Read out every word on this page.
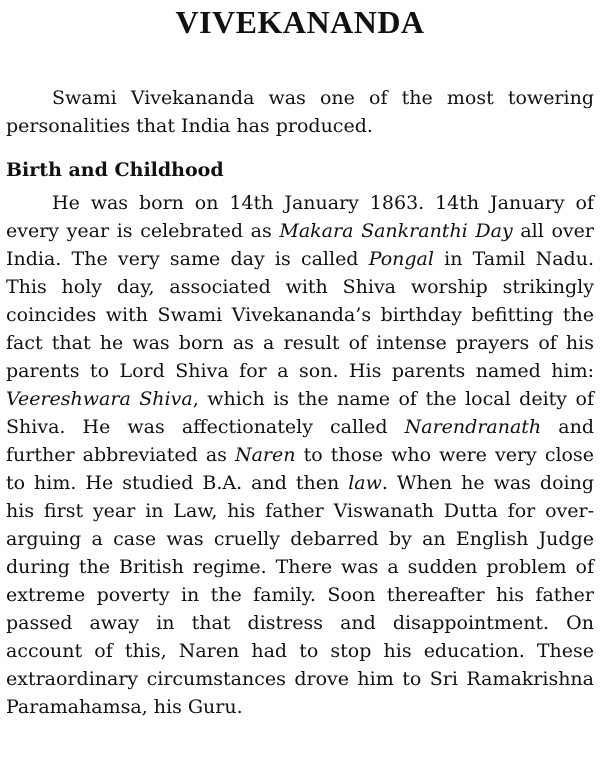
VIVEKANANDA

Swami Vivekananda was one of the most towering personalities that India has produced.

Birth and Childhood

He was born on 14th January 1863. 14th January of every year is celebrated as Makara Sankranthi Day all over India. The very same day is called Pongal in Tamil Nadu. This holy day, associated with Shiva worship strikingly coincides with Swami Vivekananda’s birthday befitting the fact that he was born as a result of intense prayers of his parents to Lord Shiva for a son. His parents named him: Veereshwara Shiva, which is the name of the local deity of Shiva. He was affectionately called Narendranath and further abbreviated as Naren to those who were very close to him. He studied B.A. and then law. When he was doing his first year in Law, his father Viswanath Dutta for over-arguing a case was cruelly debarred by an English Judge during the British regime. There was a sudden problem of extreme poverty in the family. Soon thereafter his father passed away in that distress and disappointment. On account of this, Naren had to stop his education. These extraordinary circumstances drove him to Sri Ramakrishna Paramahamsa, his Guru.
